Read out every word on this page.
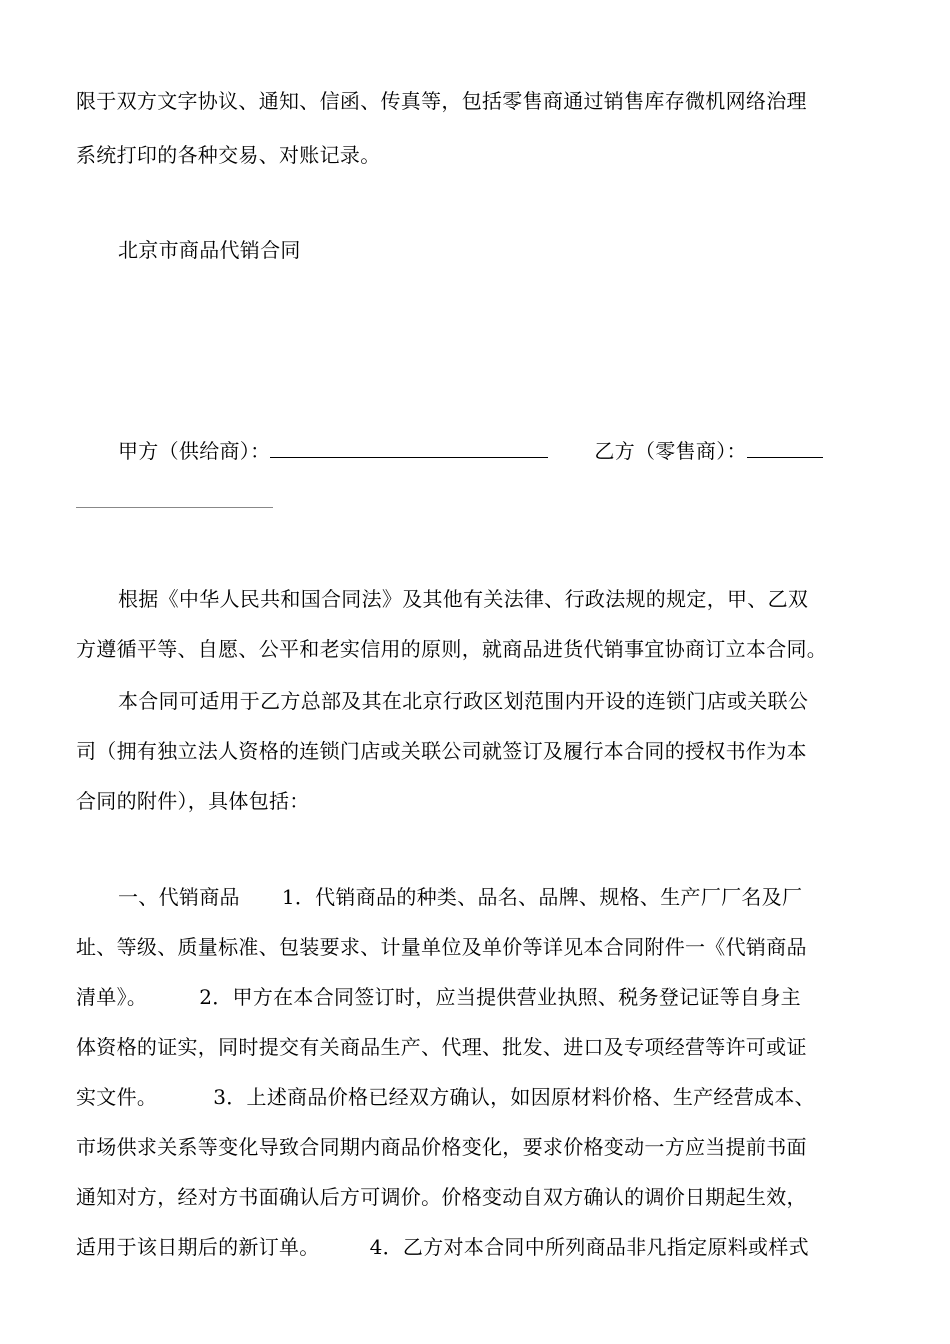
限于双方文字协议、通知、信函、传真等，包括零售商通过销售库存微机网络治理
系统打印的各种交易、对账记录。
北京市商品代销合同
甲方（供给商）：	乙方（零售商）：
根据《中华人民共和国合同法》及其他有关法律、行政法规的规定，甲、乙双
方遵循平等、自愿、公平和老实信用的原则，就商品进货代销事宜协商订立本合同。
本合同可适用于乙方总部及其在北京行政区划范围内开设的连锁门店或关联公
司（拥有独立法人资格的连锁门店或关联公司就签订及履行本合同的授权书作为本
合同的附件），具体包括：
一、代销商品 1．代销商品的种类、品名、品牌、规格、生产厂厂名及厂
址、等级、质量标准、包装要求、计量单位及单价等详见本合同附件一《代销商品
清单》。	2．甲方在本合同签订时，应当提供营业执照、税务登记证等自身主
体资格的证实，同时提交有关商品生产、代理、批发、进口及专项经营等许可或证
实文件。	3．上述商品价格已经双方确认，如因原材料价格、生产经营成本、
市场供求关系等变化导致合同期内商品价格变化，要求价格变动一方应当提前书面
通知对方，经对方书面确认后方可调价。价格变动自双方确认的调价日期起生效，
适用于该日期后的新订单。	4．乙方对本合同中所列商品非凡指定原料或样式
